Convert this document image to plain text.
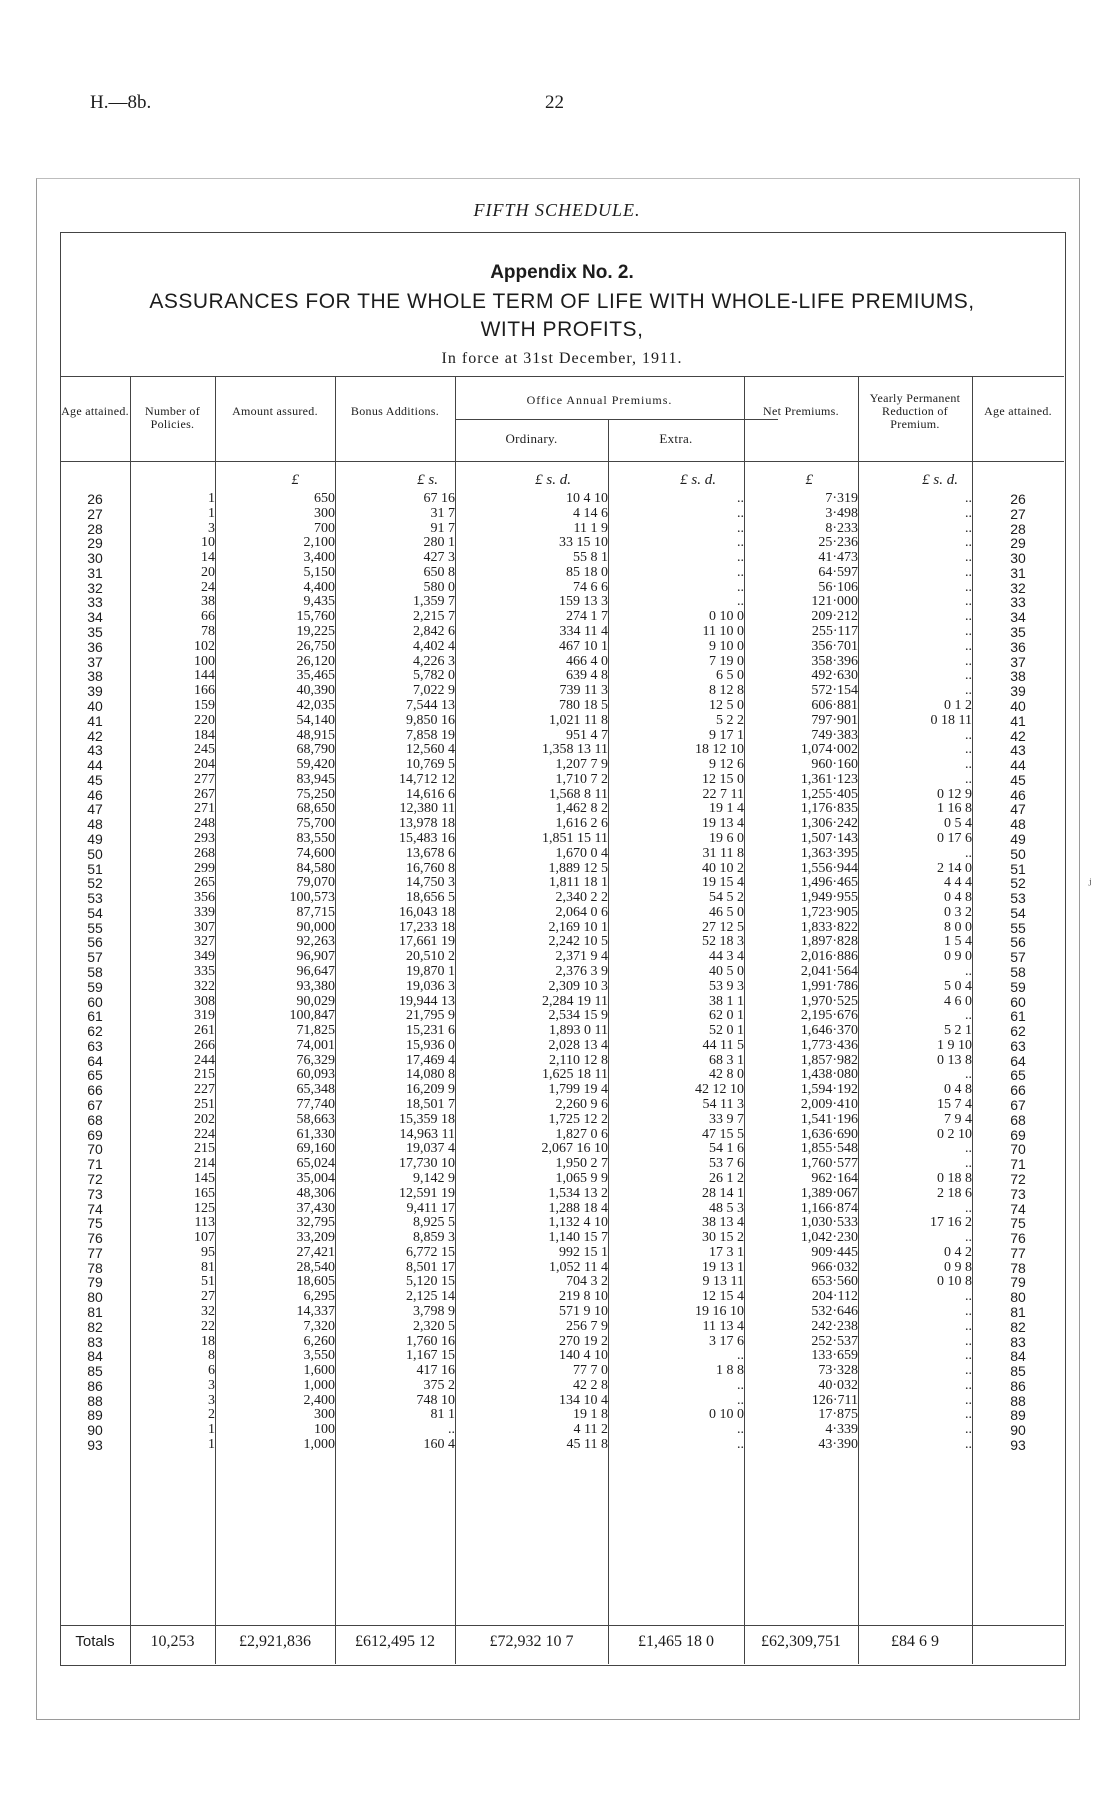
H.—8b.	22
FIFTH SCHEDULE.
Appendix No. 2.
ASSURANCES FOR THE WHOLE TERM OF LIFE WITH WHOLE-LIFE PREMIUMS,
WITH PROFITS,
In force at 31st December, 1911.
Age attained.	Number of Policies.
Amount assured.	Bonus Additions.
Office Annual Premiums.
Ordinary.	Extra.
Net Premiums.
Yearly Permanent Reduction of Premium.
Age attained.
£	£ s.	£ s. d.	£ s. d.	£	£ s. d.
26	1	650	67 16	10 4 10	..	7·319	..	26
27	1	300	31 7	4 14 6	..	3·498	..	27
28	3	700	91 7	11 1 9	..	8·233	..	28
29	10	2,100	280 1	33 15 10	..	25·236	..	29
30	14	3,400	427 3	55 8 1	..	41·473	..	30
31	20	5,150	650 8	85 18 0	..	64·597	..	31
32	24	4,400	580 0	74 6 6	..	56·106	..	32
33	38	9,435	1,359 7	159 13 3	..	121·000	..	33
34	66	15,760	2,215 7	274 1 7	0 10 0	209·212	..	34
35	78	19,225	2,842 6	334 11 4	11 10 0	255·117	..	35
36	102	26,750	4,402 4	467 10 1	9 10 0	356·701	..	36
37	100	26,120	4,226 3	466 4 0	7 19 0	358·396	..	37
38	144	35,465	5,782 0	639 4 8	6 5 0	492·630	..	38
39	166	40,390	7,022 9	739 11 3	8 12 8	572·154	..	39
40	159	42,035	7,544 13	780 18 5	12 5 0	606·881	0 1 2	40
41	220	54,140	9,850 16	1,021 11 8	5 2 2	797·901	0 18 11	41
42	184	48,915	7,858 19	951 4 7	9 17 1	749·383	..	42
43	245	68,790	12,560 4	1,358 13 11	18 12 10	1,074·002	..	43
44	204	59,420	10,769 5	1,207 7 9	9 12 6	960·160	..	44
45	277	83,945	14,712 12	1,710 7 2	12 15 0	1,361·123	..	45
46	267	75,250	14,616 6	1,568 8 11	22 7 11	1,255·405	0 12 9	46
47	271	68,650	12,380 11	1,462 8 2	19 1 4	1,176·835	1 16 8	47
48	248	75,700	13,978 18	1,616 2 6	19 13 4	1,306·242	0 5 4	48
49	293	83,550	15,483 16	1,851 15 11	19 6 0	1,507·143	0 17 6	49
50	268	74,600	13,678 6	1,670 0 4	31 11 8	1,363·395	..	50
51	299	84,580	16,760 8	1,889 12 5	40 10 2	1,556·944	2 14 0	51
52	265	79,070	14,750 3	1,811 18 1	19 15 4	1,496·465	4 4 4	52
53	356	100,573	18,656 5	2,340 2 2	54 5 2	1,949·955	0 4 8	53
54	339	87,715	16,043 18	2,064 0 6	46 5 0	1,723·905	0 3 2	54
55	307	90,000	17,233 18	2,169 10 1	27 12 5	1,833·822	8 0 0	55
56	327	92,263	17,661 19	2,242 10 5	52 18 3	1,897·828	1 5 4	56
57	349	96,907	20,510 2	2,371 9 4	44 3 4	2,016·886	0 9 0	57
58	335	96,647	19,870 1	2,376 3 9	40 5 0	2,041·564	..	58
59	322	93,380	19,036 3	2,309 10 3	53 9 3	1,991·786	5 0 4	59
60	308	90,029	19,944 13	2,284 19 11	38 1 1	1,970·525	4 6 0	60
61	319	100,847	21,795 9	2,534 15 9	62 0 1	2,195·676	..	61
62	261	71,825	15,231 6	1,893 0 11	52 0 1	1,646·370	5 2 1	62
63	266	74,001	15,936 0	2,028 13 4	44 11 5	1,773·436	1 9 10	63
64	244	76,329	17,469 4	2,110 12 8	68 3 1	1,857·982	0 13 8	64
65	215	60,093	14,080 8	1,625 18 11	42 8 0	1,438·080	..	65
66	227	65,348	16,209 9	1,799 19 4	42 12 10	1,594·192	0 4 8	66
67	251	77,740	18,501 7	2,260 9 6	54 11 3	2,009·410	15 7 4	67
68	202	58,663	15,359 18	1,725 12 2	33 9 7	1,541·196	7 9 4	68
69	224	61,330	14,963 11	1,827 0 6	47 15 5	1,636·690	0 2 10	69
70	215	69,160	19,037 4	2,067 16 10	54 1 6	1,855·548	..	70
71	214	65,024	17,730 10	1,950 2 7	53 7 6	1,760·577	..	71
72	145	35,004	9,142 9	1,065 9 9	26 1 2	962·164	0 18 8	72
73	165	48,306	12,591 19	1,534 13 2	28 14 1	1,389·067	2 18 6	73
74	125	37,430	9,411 17	1,288 18 4	48 5 3	1,166·874	..	74
75	113	32,795	8,925 5	1,132 4 10	38 13 4	1,030·533	17 16 2	75
76	107	33,209	8,859 3	1,140 15 7	30 15 2	1,042·230	..	76
77	95	27,421	6,772 15	992 15 1	17 3 1	909·445	0 4 2	77
78	81	28,540	8,501 17	1,052 11 4	19 13 1	966·032	0 9 8	78
79	51	18,605	5,120 15	704 3 2	9 13 11	653·560	0 10 8	79
80	27	6,295	2,125 14	219 8 10	12 15 4	204·112	..	80
81	32	14,337	3,798 9	571 9 10	19 16 10	532·646	..	81
82	22	7,320	2,320 5	256 7 9	11 13 4	242·238	..	82
83	18	6,260	1,760 16	270 19 2	3 17 6	252·537	..	83
84	8	3,550	1,167 15	140 4 10	..	133·659	..	84
85	6	1,600	417 16	77 7 0	1 8 8	73·328	..	85
86	3	1,000	375 2	42 2 8	..	40·032	..	86
88	3	2,400	748 10	134 10 4	..	126·711	..	88
89	2	300	81 1	19 1 8	0 10 0	17·875	..	89
90	1	100	..	4 11 2	..	4·339	..	90
93	1	1,000	160 4	45 11 8	..	43·390	..	93
Totals	10,253	£2,921,836	£612,495 12	£72,932 10 7	£1,465 18 0	£62,309,751	£84 6 9
ⱼ
